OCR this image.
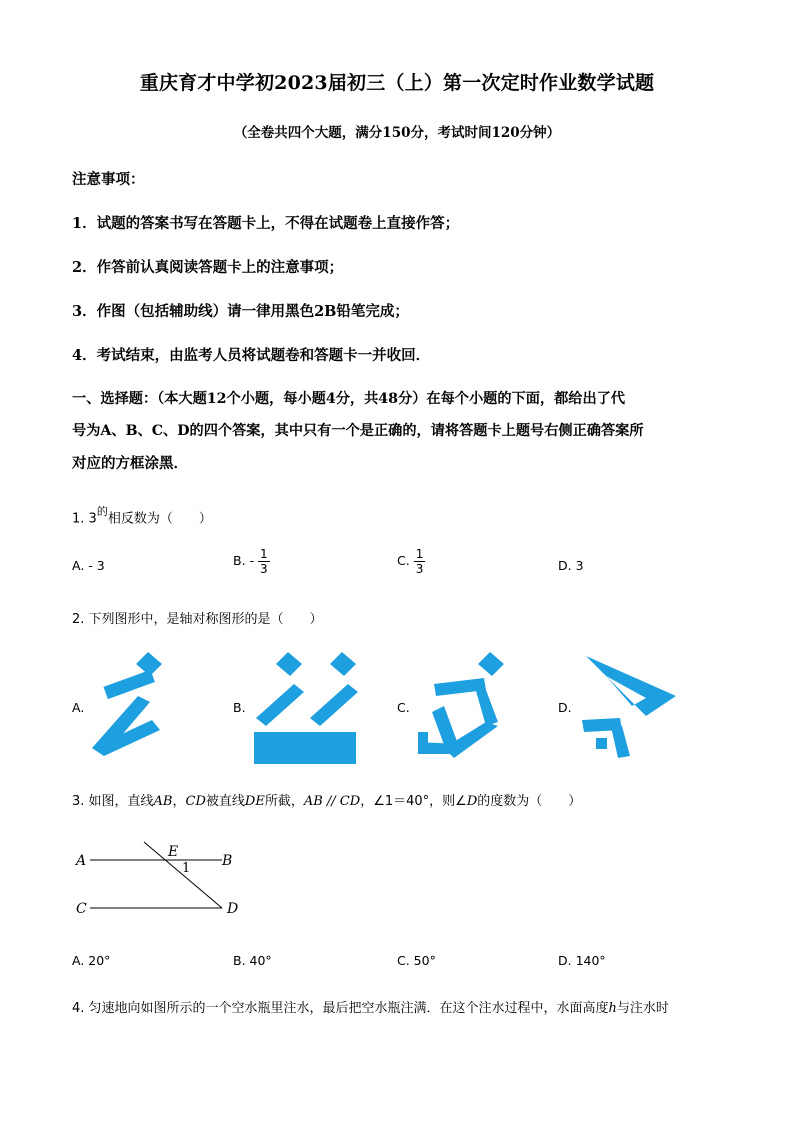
重庆育才中学初2023届初三（上）第一次定时作业数学试题
（全卷共四个大题，满分150分，考试时间120分钟）
注意事项：
1．试题的答案书写在答题卡上，不得在试题卷上直接作答；
2．作答前认真阅读答题卡上的注意事项；
3．作图（包括辅助线）请一律用黑色2B铅笔完成；
4．考试结束，由监考人员将试题卷和答题卡一并收回．
一、选择题：（本大题12个小题，每小题4分，共48分）在每个小题的下面，都给出了代
号为A、B、C、D的四个答案，其中只有一个是正确的，请将答题卡上题号右侧正确答案所
对应的方框涂黑．
1. $3^的$相反数为（　　）
A. - 3	B. - $\frac{1}{3}$	C. $\frac{1}{3}$	D. 3
2. 下列图形中，是轴对称图形的是（　　）
A.	B.	C.	D.
3. 如图，直线AB，CD被直线DE所截，AB // CD，∠1＝40°，则∠D的度数为（　　）
A	B
C	D
E
1
A. 20°	B. 40°	C. 50°	D. 140°
4. 匀速地向如图所示的一个空水瓶里注水，最后把空水瓶注满．在这个注水过程中，水面高度h与注水时
